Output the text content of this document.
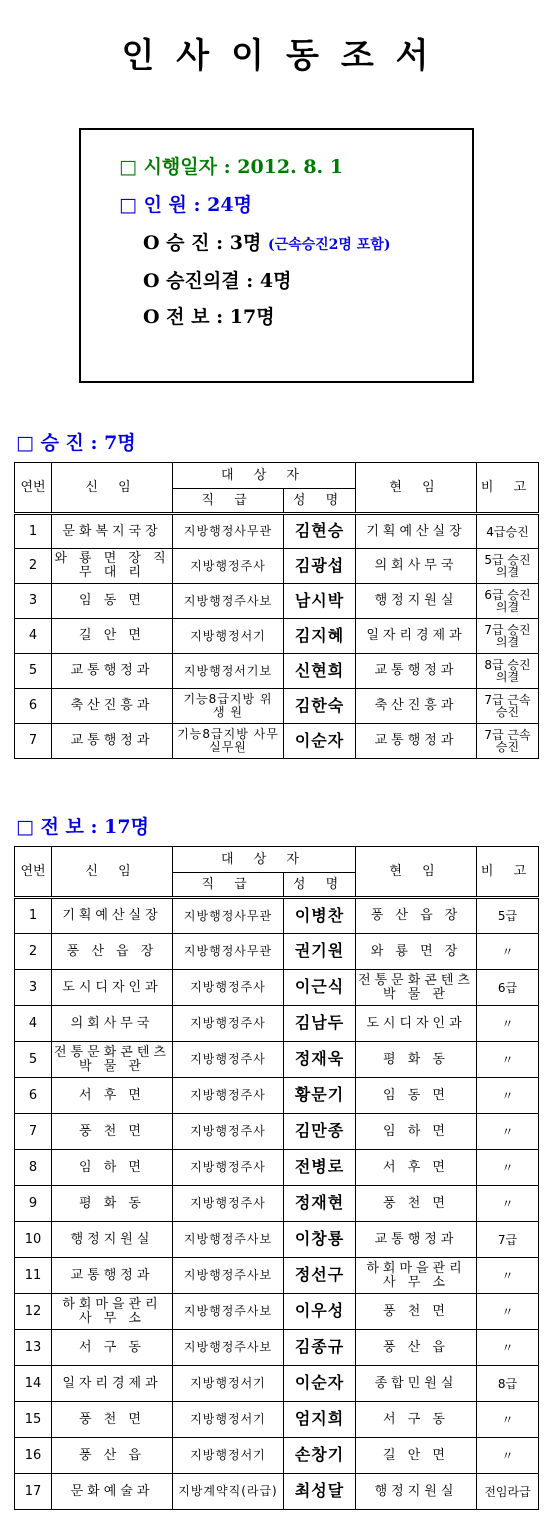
인사이동조서
□ 시행일자 : 2012. 8. 1
□ 인 원 : 24명
O 승 진 : 3명 (근속승진2명 포함)
O 승진의결 : 4명
O 전 보 : 17명
□ 승 진 : 7명
연번	신 임	대 상 자		현 임	비 고
		직 급	성 명		
1	문화복지국장	지방행정사무관	김현승	기획예산실장	4급승진
2	와 룡 면 장 직 무 대 리	지방행정주사	김광섭	의회사무국	5급 승진의결
3	임 동 면	지방행정주사보	남시박	행정지원실	6급 승진의결
4	길 안 면	지방행정서기	김지혜	일자리경제과	7급 승진의결
5	교통행정과	지방행정서기보	신현희	교통행정과	8급 승진의결
6	축산진흥과	기능8급지방 위 생 원	김한숙	축산진흥과	7급 근속승진
7	교통행정과	기능8급지방 사무실무원	이순자	교통행정과	7급 근속승진
□ 전 보 : 17명
연번	신 임	대 상 자		현 임	비 고
		직 급	성 명		
1	기획예산실장	지방행정사무관	이병찬	풍 산 읍 장	5급
2	풍 산 읍 장	지방행정사무관	권기원	와 룡 면 장	〃
3	도시디자인과	지방행정주사	이근식	전통문화콘텐츠 박 물 관	6급
4	의회사무국	지방행정주사	김남두	도시디자인과	〃
5	전통문화콘텐츠 박 물 관	지방행정주사	정재욱	평 화 동	〃
6	서 후 면	지방행정주사	황문기	임 동 면	〃
7	풍 천 면	지방행정주사	김만종	임 하 면	〃
8	임 하 면	지방행정주사	전병로	서 후 면	〃
9	평 화 동	지방행정주사	정재현	풍 천 면	〃
10	행정지원실	지방행정주사보	이창룡	교통행정과	7급
11	교통행정과	지방행정주사보	정선구	하회마을관리 사 무 소	〃
12	하회마을관리 사 무 소	지방행정주사보	이우성	풍 천 면	〃
13	서 구 동	지방행정주사보	김종규	풍 산 읍	〃
14	일자리경제과	지방행정서기	이순자	종합민원실	8급
15	풍 천 면	지방행정서기	엄지희	서 구 동	〃
16	풍 산 읍	지방행정서기	손창기	길 안 면	〃
17	문화예술과	지방계약직(라급)	최성달	행정지원실	전임라급
